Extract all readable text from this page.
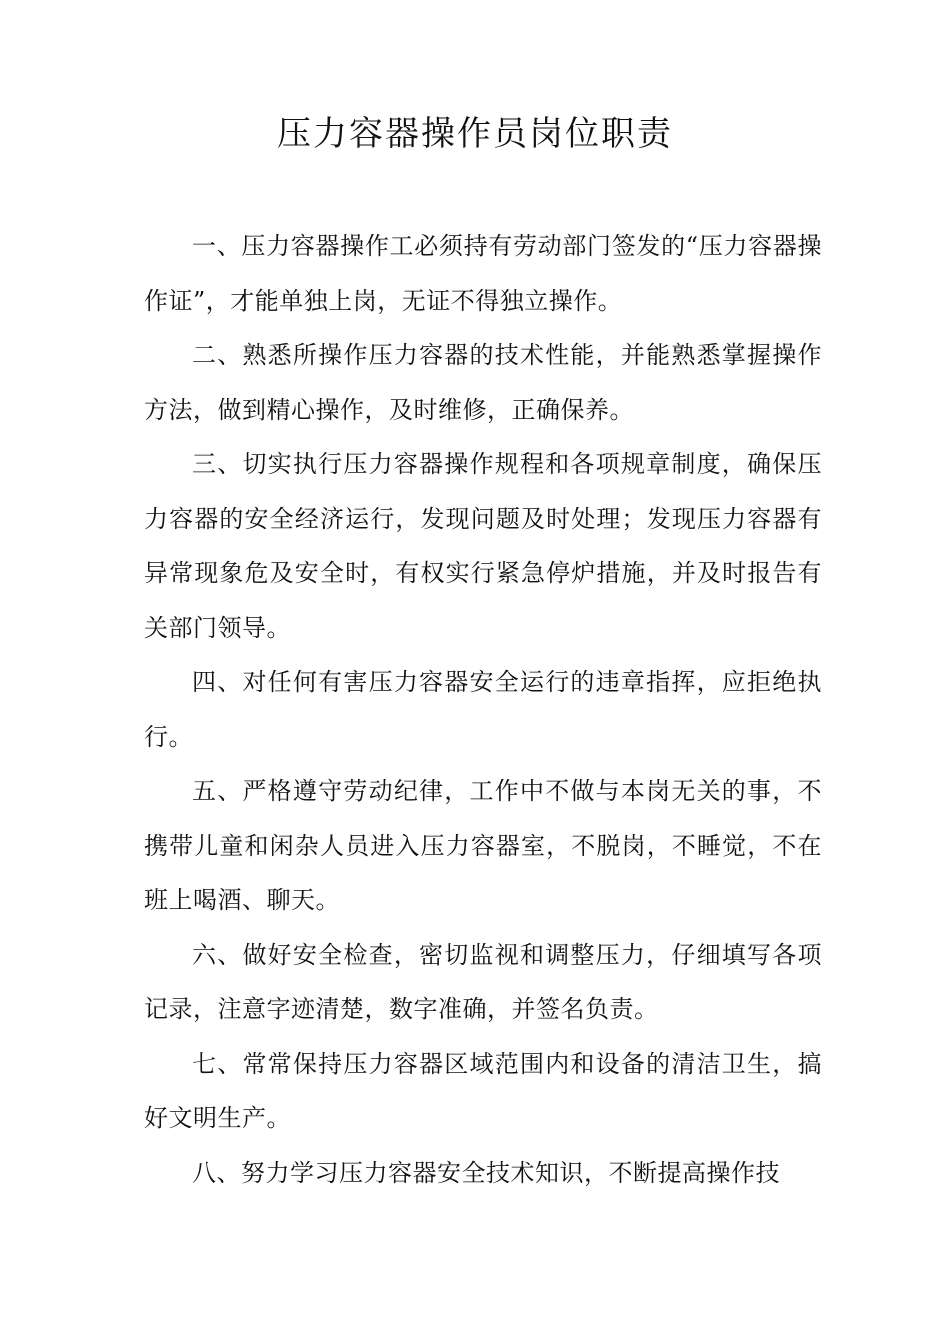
压力容器操作员岗位职责

一、压力容器操作工必须持有劳动部门签发的“压力容器操作证”，才能单独上岗，无证不得独立操作。

二、熟悉所操作压力容器的技术性能，并能熟悉掌握操作方法，做到精心操作，及时维修，正确保养。

三、切实执行压力容器操作规程和各项规章制度，确保压力容器的安全经济运行，发现问题及时处理；发现压力容器有异常现象危及安全时，有权实行紧急停炉措施，并及时报告有关部门领导。

四、对任何有害压力容器安全运行的违章指挥，应拒绝执行。

五、严格遵守劳动纪律，工作中不做与本岗无关的事，不携带儿童和闲杂人员进入压力容器室，不脱岗，不睡觉，不在班上喝酒、聊天。

六、做好安全检查，密切监视和调整压力，仔细填写各项记录，注意字迹清楚，数字准确，并签名负责。

七、常常保持压力容器区域范围内和设备的清洁卫生，搞好文明生产。

八、努力学习压力容器安全技术知识，不断提高操作技
